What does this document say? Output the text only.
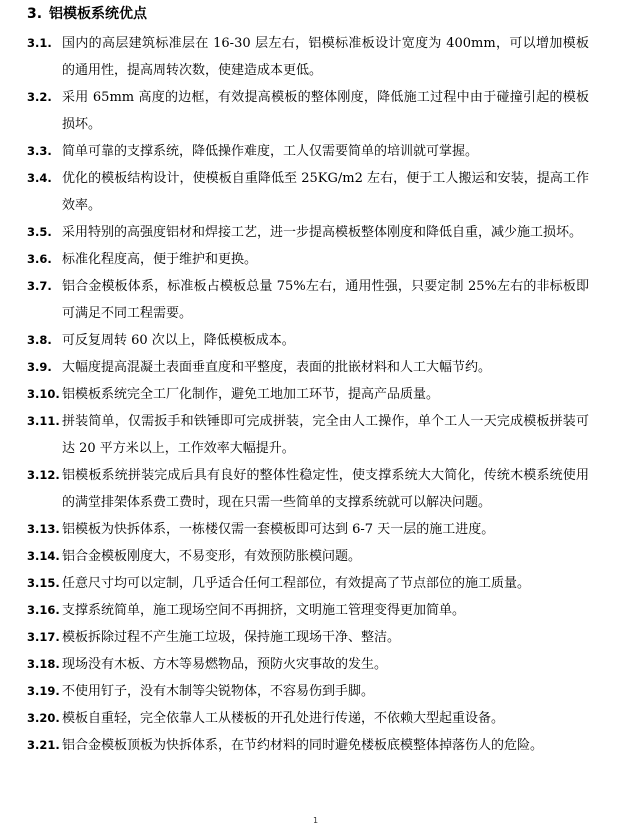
3. 铝模板系统优点
3.1. 国内的高层建筑标准层在 16-30 层左右，铝模标准板设计宽度为 400mm，可以增加模板的通用性，提高周转次数，使建造成本更低。
3.2. 采用 65mm 高度的边框，有效提高模板的整体刚度，降低施工过程中由于碰撞引起的模板损坏。
3.3. 简单可靠的支撑系统，降低操作难度，工人仅需要简单的培训就可掌握。
3.4. 优化的模板结构设计，使模板自重降低至 25KG/m2 左右，便于工人搬运和安装，提高工作效率。
3.5. 采用特别的高强度铝材和焊接工艺，进一步提高模板整体刚度和降低自重，减少施工损坏。
3.6. 标准化程度高，便于维护和更换。
3.7. 铝合金模板体系，标准板占模板总量 75%左右，通用性强，只要定制 25%左右的非标板即可满足不同工程需要。
3.8. 可反复周转 60 次以上，降低模板成本。
3.9. 大幅度提高混凝土表面垂直度和平整度，表面的批嵌材料和人工大幅节约。
3.10. 铝模板系统完全工厂化制作，避免工地加工环节，提高产品质量。
3.11. 拼装简单，仅需扳手和铁锤即可完成拼装，完全由人工操作，单个工人一天完成模板拼装可达 20 平方米以上，工作效率大幅提升。
3.12. 铝模板系统拼装完成后具有良好的整体性稳定性，使支撑系统大大简化，传统木模系统使用的满堂排架体系费工费时，现在只需一些简单的支撑系统就可以解决问题。
3.13. 铝模板为快拆体系，一栋楼仅需一套模板即可达到 6-7 天一层的施工进度。
3.14. 铝合金模板刚度大，不易变形，有效预防胀模问题。
3.15. 任意尺寸均可以定制，几乎适合任何工程部位，有效提高了节点部位的施工质量。
3.16. 支撑系统简单，施工现场空间不再拥挤，文明施工管理变得更加简单。
3.17. 模板拆除过程不产生施工垃圾，保持施工现场干净、整洁。
3.18. 现场没有木板、方木等易燃物品，预防火灾事故的发生。
3.19. 不使用钉子，没有木制等尖锐物体，不容易伤到手脚。
3.20. 模板自重轻，完全依靠人工从楼板的开孔处进行传递，不依赖大型起重设备。
3.21. 铝合金模板顶板为快拆体系，在节约材料的同时避免楼板底模整体掉落伤人的危险。
1
